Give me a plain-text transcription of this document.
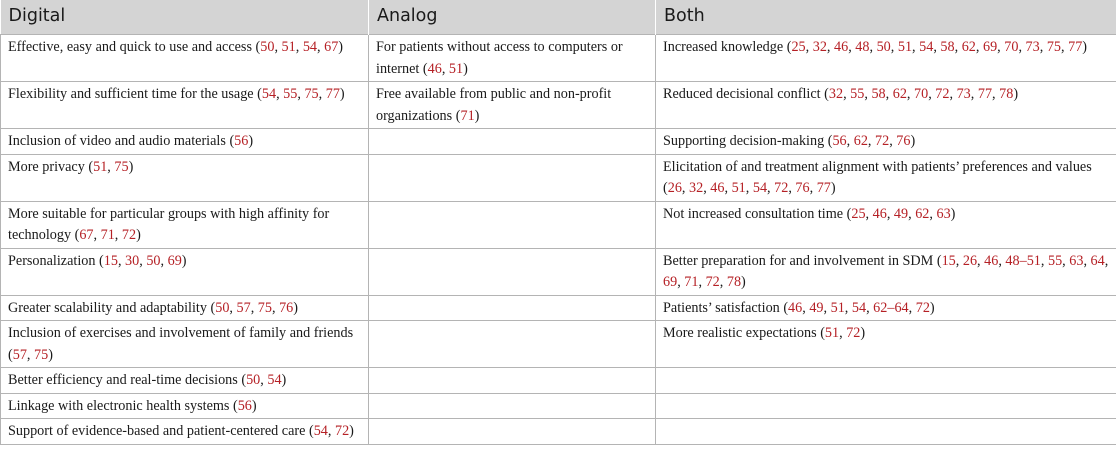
Digital	Analog	Both
Effective, easy and quick to use and access (50, 51, 54, 67)	For patients without access to computers or internet (46, 51)	Increased knowledge (25, 32, 46, 48, 50, 51, 54, 58, 62, 69, 70, 73, 75, 77)
Flexibility and sufficient time for the usage (54, 55, 75, 77)	Free available from public and non-profit organizations (71)	Reduced decisional conflict (32, 55, 58, 62, 70, 72, 73, 77, 78)
Inclusion of video and audio materials (56)		Supporting decision-making (56, 62, 72, 76)
More privacy (51, 75)		Elicitation of and treatment alignment with patients’ preferences and values (26, 32, 46, 51, 54, 72, 76, 77)
More suitable for particular groups with high affinity for technology (67, 71, 72)		Not increased consultation time (25, 46, 49, 62, 63)
Personalization (15, 30, 50, 69)		Better preparation for and involvement in SDM (15, 26, 46, 48–51, 55, 63, 64, 69, 71, 72, 78)
Greater scalability and adaptability (50, 57, 75, 76)		Patients’ satisfaction (46, 49, 51, 54, 62–64, 72)
Inclusion of exercises and involvement of family and friends (57, 75)		More realistic expectations (51, 72)
Better efficiency and real-time decisions (50, 54)		
Linkage with electronic health systems (56)		
Support of evidence-based and patient-centered care (54, 72)		
